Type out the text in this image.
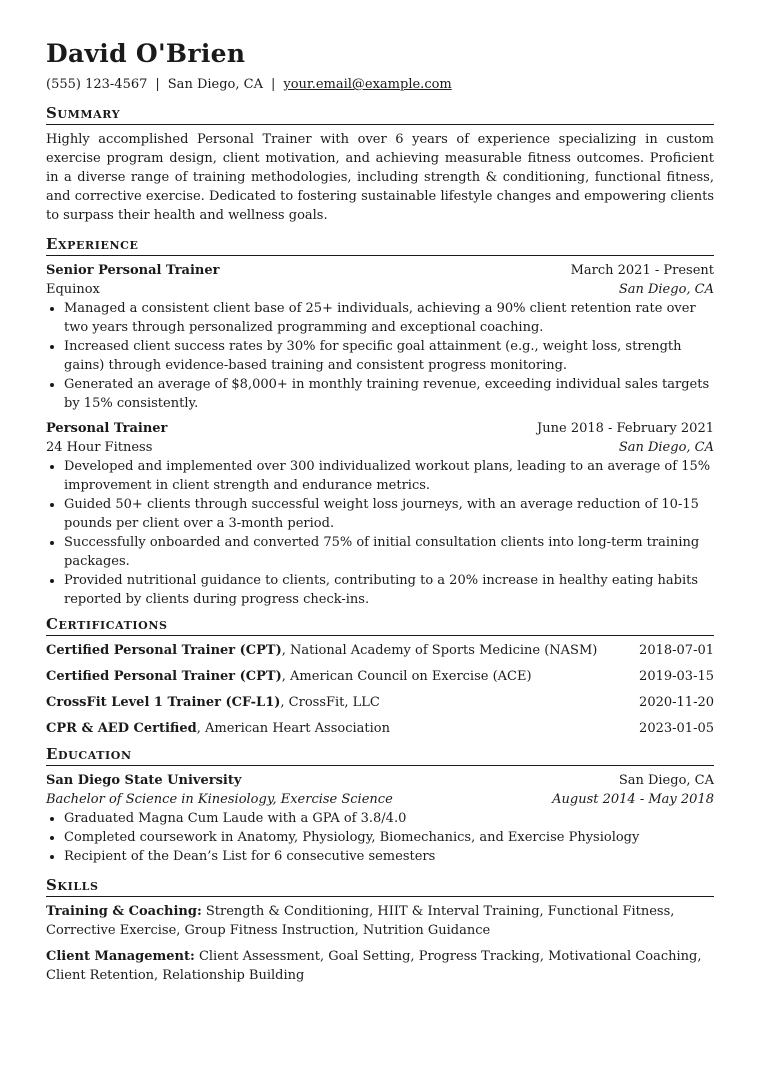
David O'Brien
(555) 123-4567 | San Diego, CA | your.email@example.com
Summary

Highly accomplished Personal Trainer with over 6 years of experience specializing in custom exercise program design, client motivation, and achieving measurable fitness outcomes. Proficient in a diverse range of training methodologies, including strength & conditioning, functional fitness, and corrective exercise. Dedicated to fostering sustainable lifestyle changes and empowering clients to surpass their health and wellness goals.

Experience
Senior Personal Trainer	March 2021 - Present
Equinox	San Diego, CA
• Managed a consistent client base of 25+ individuals, achieving a 90% client retention rate over two years through personalized programming and exceptional coaching.
• Increased client success rates by 30% for specific goal attainment (e.g., weight loss, strength gains) through evidence-based training and consistent progress monitoring.
• Generated an average of $8,000+ in monthly training revenue, exceeding individual sales targets by 15% consistently.
Personal Trainer	June 2018 - February 2021
24 Hour Fitness	San Diego, CA
• Developed and implemented over 300 individualized workout plans, leading to an average of 15% improvement in client strength and endurance metrics.
• Guided 50+ clients through successful weight loss journeys, with an average reduction of 10-15 pounds per client over a 3-month period.
• Successfully onboarded and converted 75% of initial consultation clients into long-term training packages.
• Provided nutritional guidance to clients, contributing to a 20% increase in healthy eating habits reported by clients during progress check-ins.
Certifications
Certified Personal Trainer (CPT), National Academy of Sports Medicine (NASM)	2018-07-01
Certified Personal Trainer (CPT), American Council on Exercise (ACE)	2019-03-15
CrossFit Level 1 Trainer (CF-L1), CrossFit, LLC	2020-11-20
CPR & AED Certified, American Heart Association	2023-01-05
Education
San Diego State University	San Diego, CA
Bachelor of Science in Kinesiology, Exercise Science	August 2014 - May 2018
• Graduated Magna Cum Laude with a GPA of 3.8/4.0
• Completed coursework in Anatomy, Physiology, Biomechanics, and Exercise Physiology
• Recipient of the Dean’s List for 6 consecutive semesters
Skills
Training & Coaching: Strength & Conditioning, HIIT & Interval Training, Functional Fitness, Corrective Exercise, Group Fitness Instruction, Nutrition Guidance
Client Management: Client Assessment, Goal Setting, Progress Tracking, Motivational Coaching, Client Retention, Relationship Building
